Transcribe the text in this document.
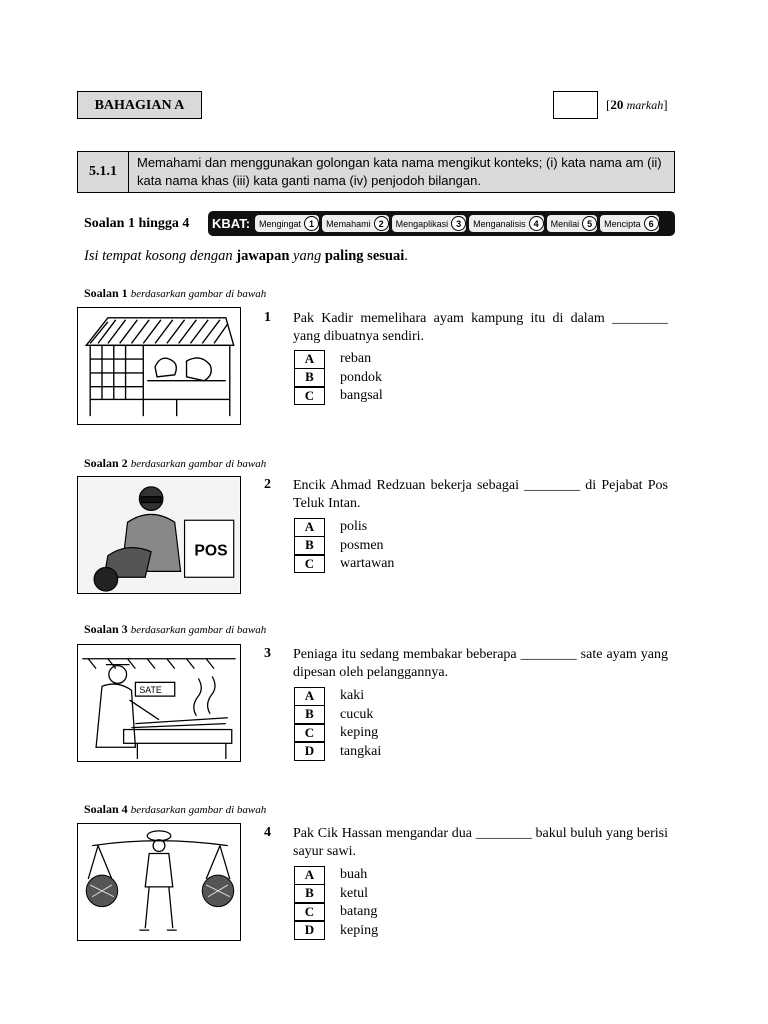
BAHAGIAN A	[20 markah]
5.1.1
Memahami dan menggunakan golongan kata nama mengikut konteks; (i) kata nama am (ii) kata nama khas (iii) kata ganti nama (iv) penjodoh bilangan.
Soalan 1 hingga 4 KBAT: Mengingat 1	Memahami 2	Mengaplikasi 3	Menganalisis 4	Menilai 5	Mencipta 6
Isi tempat kosong dengan jawapan yang paling sesuai.
Soalan 1 berdasarkan gambar di bawah
1 Pak Kadir memelihara ayam kampung itu di dalam ________ yang dibuatnya sendiri.
A	reban
B	pondok
C	bangsal
Soalan 2 berdasarkan gambar di bawah
POS
2 Encik Ahmad Redzuan bekerja sebagai ________ di Pejabat Pos Teluk Intan.
A	polis
B	posmen
C	wartawan
Soalan 3 berdasarkan gambar di bawah
SATE
3 Peniaga itu sedang membakar beberapa ________ sate ayam yang dipesan oleh pelanggannya.
A	kaki
B	cucuk
C	keping
D	tangkai
Soalan 4 berdasarkan gambar di bawah
4 Pak Cik Hassan mengandar dua ________ bakul buluh yang berisi sayur sawi.
A	buah
B	ketul
C	batang
D	keping
